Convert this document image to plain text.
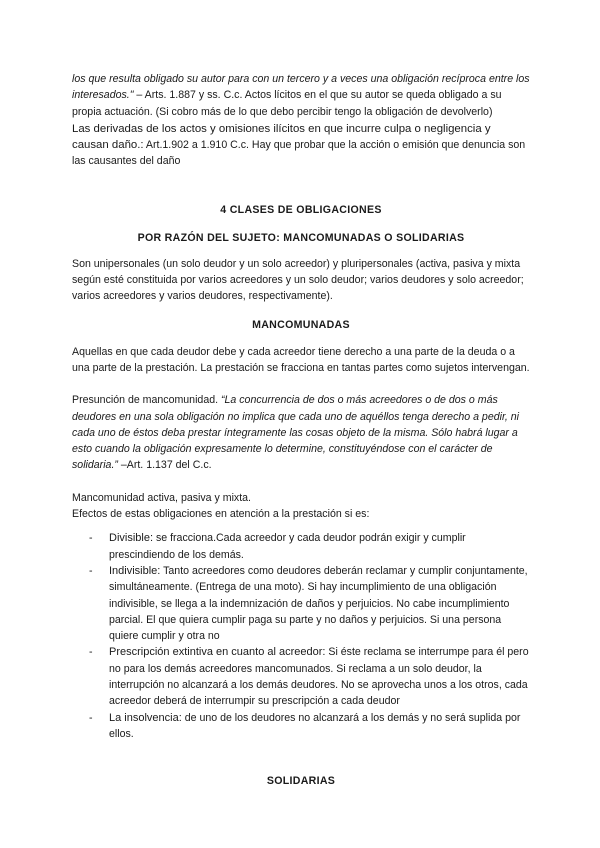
los que resulta obligado su autor para con un tercero y a veces una obligación recíproca entre los interesados." – Arts. 1.887 y ss. C.c. Actos lícitos en el que su autor se queda obligado a su propia actuación. (Si cobro más de lo que debo percibir tengo la obligación de devolverlo)

Las derivadas de los actos y omisiones ilícitos en que incurre culpa o negligencia y causan daño.: Art.1.902 a 1.910 C.c. Hay que probar que la acción o emisión que denuncia son las causantes del daño

4 CLASES DE OBLIGACIONES
POR RAZÓN DEL SUJETO: MANCOMUNADAS O SOLIDARIAS

Son unipersonales (un solo deudor y un solo acreedor) y pluripersonales (activa, pasiva y mixta según esté constituida por varios acreedores y un solo deudor; varios deudores y solo acreedor; varios acreedores y varios deudores, respectivamente).

MANCOMUNADAS

Aquellas en que cada deudor debe y cada acreedor tiene derecho a una parte de la deuda o a una parte de la prestación. La prestación se fracciona en tantas partes como sujetos intervengan.

Presunción de mancomunidad. “La concurrencia de dos o más acreedores o de dos o más deudores en una sola obligación no implica que cada uno de aquéllos tenga derecho a pedir, ni cada uno de éstos deba prestar íntegramente las cosas objeto de la misma. Sólo habrá lugar a esto cuando la obligación expresamente lo determine, constituyéndose con el carácter de solidaria.” –Art. 1.137 del C.c.

Mancomunidad activa, pasiva y mixta.

Efectos de estas obligaciones en atención a la prestación si es:

- Divisible: se fracciona.Cada acreedor y cada deudor podrán exigir y cumplir prescindiendo de los demás.
- Indivisible: Tanto acreedores como deudores deberán reclamar y cumplir conjuntamente, simultáneamente. (Entrega de una moto). Si hay incumplimiento de una obligación indivisible, se llega a la indemnización de daños y perjuicios. No cabe incumplimiento parcial. El que quiera cumplir paga su parte y no daños y perjuicios. Si una persona quiere cumplir y otra no
- Prescripción extintiva en cuanto al acreedor: Si éste reclama se interrumpe para él pero no para los demás acreedores mancomunados. Si reclama a un solo deudor, la interrupción no alcanzará a los demás deudores. No se aprovecha unos a los otros, cada acreedor deberá de interrumpir su prescripción a cada deudor
- La insolvencia: de uno de los deudores no alcanzará a los demás y no será suplida por ellos.
SOLIDARIAS
